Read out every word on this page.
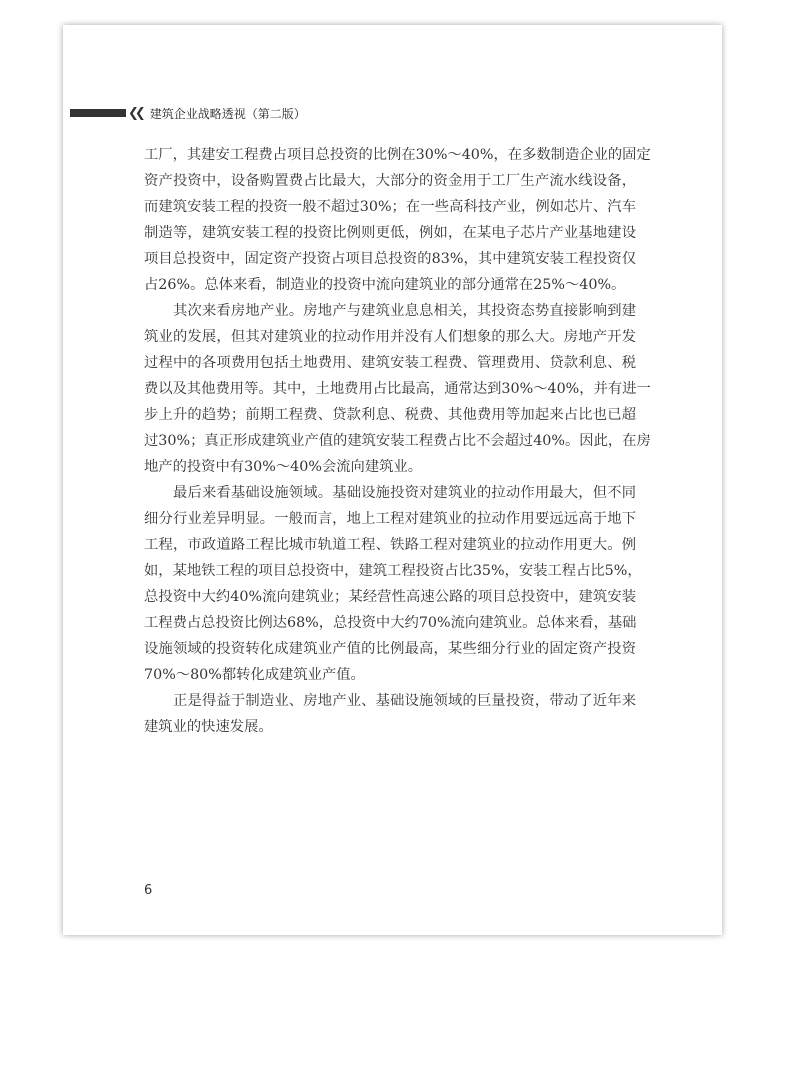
❮❮ 建筑企业战略透视（第二版）
工厂，其建安工程费占项目总投资的比例在30%～40%，在多数制造企业的固定
资产投资中，设备购置费占比最大，大部分的资金用于工厂生产流水线设备，
而建筑安装工程的投资一般不超过30%；在一些高科技产业，例如芯片、汽车
制造等，建筑安装工程的投资比例则更低，例如，在某电子芯片产业基地建设
项目总投资中，固定资产投资占项目总投资的83%，其中建筑安装工程投资仅
占26%。总体来看，制造业的投资中流向建筑业的部分通常在25%～40%。
其次来看房地产业。房地产与建筑业息息相关，其投资态势直接影响到建
筑业的发展，但其对建筑业的拉动作用并没有人们想象的那么大。房地产开发
过程中的各项费用包括土地费用、建筑安装工程费、管理费用、贷款利息、税
费以及其他费用等。其中，土地费用占比最高，通常达到30%～40%，并有进一
步上升的趋势；前期工程费、贷款利息、税费、其他费用等加起来占比也已超
过30%；真正形成建筑业产值的建筑安装工程费占比不会超过40%。因此，在房
地产的投资中有30%～40%会流向建筑业。
最后来看基础设施领域。基础设施投资对建筑业的拉动作用最大，但不同
细分行业差异明显。一般而言，地上工程对建筑业的拉动作用要远远高于地下
工程，市政道路工程比城市轨道工程、铁路工程对建筑业的拉动作用更大。例
如，某地铁工程的项目总投资中，建筑工程投资占比35%，安装工程占比5%，
总投资中大约40%流向建筑业；某经营性高速公路的项目总投资中，建筑安装
工程费占总投资比例达68%，总投资中大约70%流向建筑业。总体来看，基础
设施领域的投资转化成建筑业产值的比例最高，某些细分行业的固定资产投资
70%～80%都转化成建筑业产值。
正是得益于制造业、房地产业、基础设施领域的巨量投资，带动了近年来
建筑业的快速发展。
6
